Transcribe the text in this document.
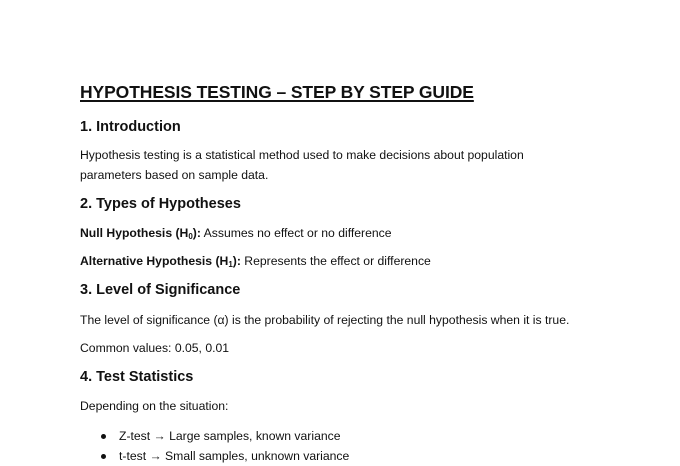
HYPOTHESIS TESTING – STEP BY STEP GUIDE
1. Introduction

Hypothesis testing is a statistical method used to make decisions about population

parameters based on sample data.

2. Types of Hypotheses

Null Hypothesis $(H_0)$: Assumes no effect or no difference

Alternative Hypothesis $(H_1)$: Represents the effect or difference

3. Level of Significance

The level of significance (α) is the probability of rejecting the null hypothesis when it is true.

Common values: 0.05, 0.01

4. Test Statistics

Depending on the situation:

Z-test → Large samples, known variance
t-test → Small samples, unknown variance
